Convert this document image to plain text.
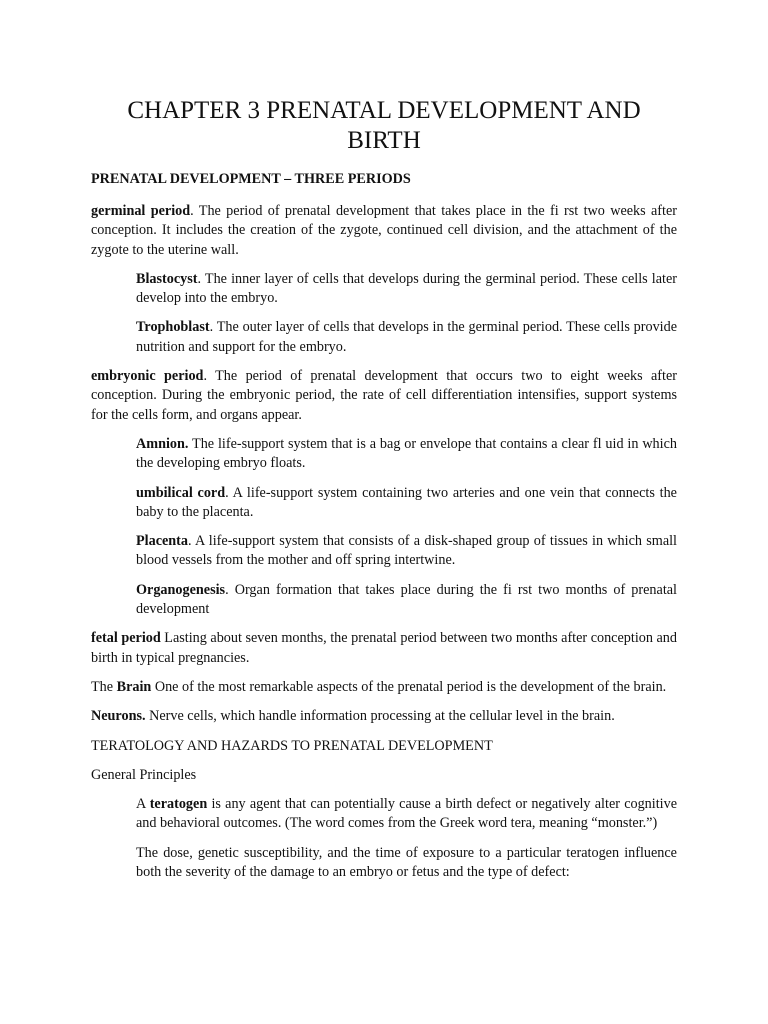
CHAPTER 3 PRENATAL DEVELOPMENT AND BIRTH
PRENATAL DEVELOPMENT – THREE PERIODS

germinal period. The period of prenatal development that takes place in the fi rst two weeks after conception. It includes the creation of the zygote, continued cell division, and the attachment of the zygote to the uterine wall.

Blastocyst. The inner layer of cells that develops during the germinal period. These cells later develop into the embryo.

Trophoblast. The outer layer of cells that develops in the germinal period. These cells provide nutrition and support for the embryo.

embryonic period. The period of prenatal development that occurs two to eight weeks after conception. During the embryonic period, the rate of cell differentiation intensifies, support systems for the cells form, and organs appear.

Amnion. The life-support system that is a bag or envelope that contains a clear fl uid in which the developing embryo floats.

umbilical cord. A life-support system containing two arteries and one vein that connects the baby to the placenta.

Placenta. A life-support system that consists of a disk-shaped group of tissues in which small blood vessels from the mother and off spring intertwine.

Organogenesis. Organ formation that takes place during the fi rst two months of prenatal development

fetal period Lasting about seven months, the prenatal period between two months after conception and birth in typical pregnancies.

The Brain One of the most remarkable aspects of the prenatal period is the development of the brain.

Neurons. Nerve cells, which handle information processing at the cellular level in the brain.

TERATOLOGY AND HAZARDS TO PRENATAL DEVELOPMENT

General Principles

A teratogen is any agent that can potentially cause a birth defect or negatively alter cognitive and behavioral outcomes. (The word comes from the Greek word tera, meaning “monster.”)

The dose, genetic susceptibility, and the time of exposure to a particular teratogen influence both the severity of the damage to an embryo or fetus and the type of defect:
